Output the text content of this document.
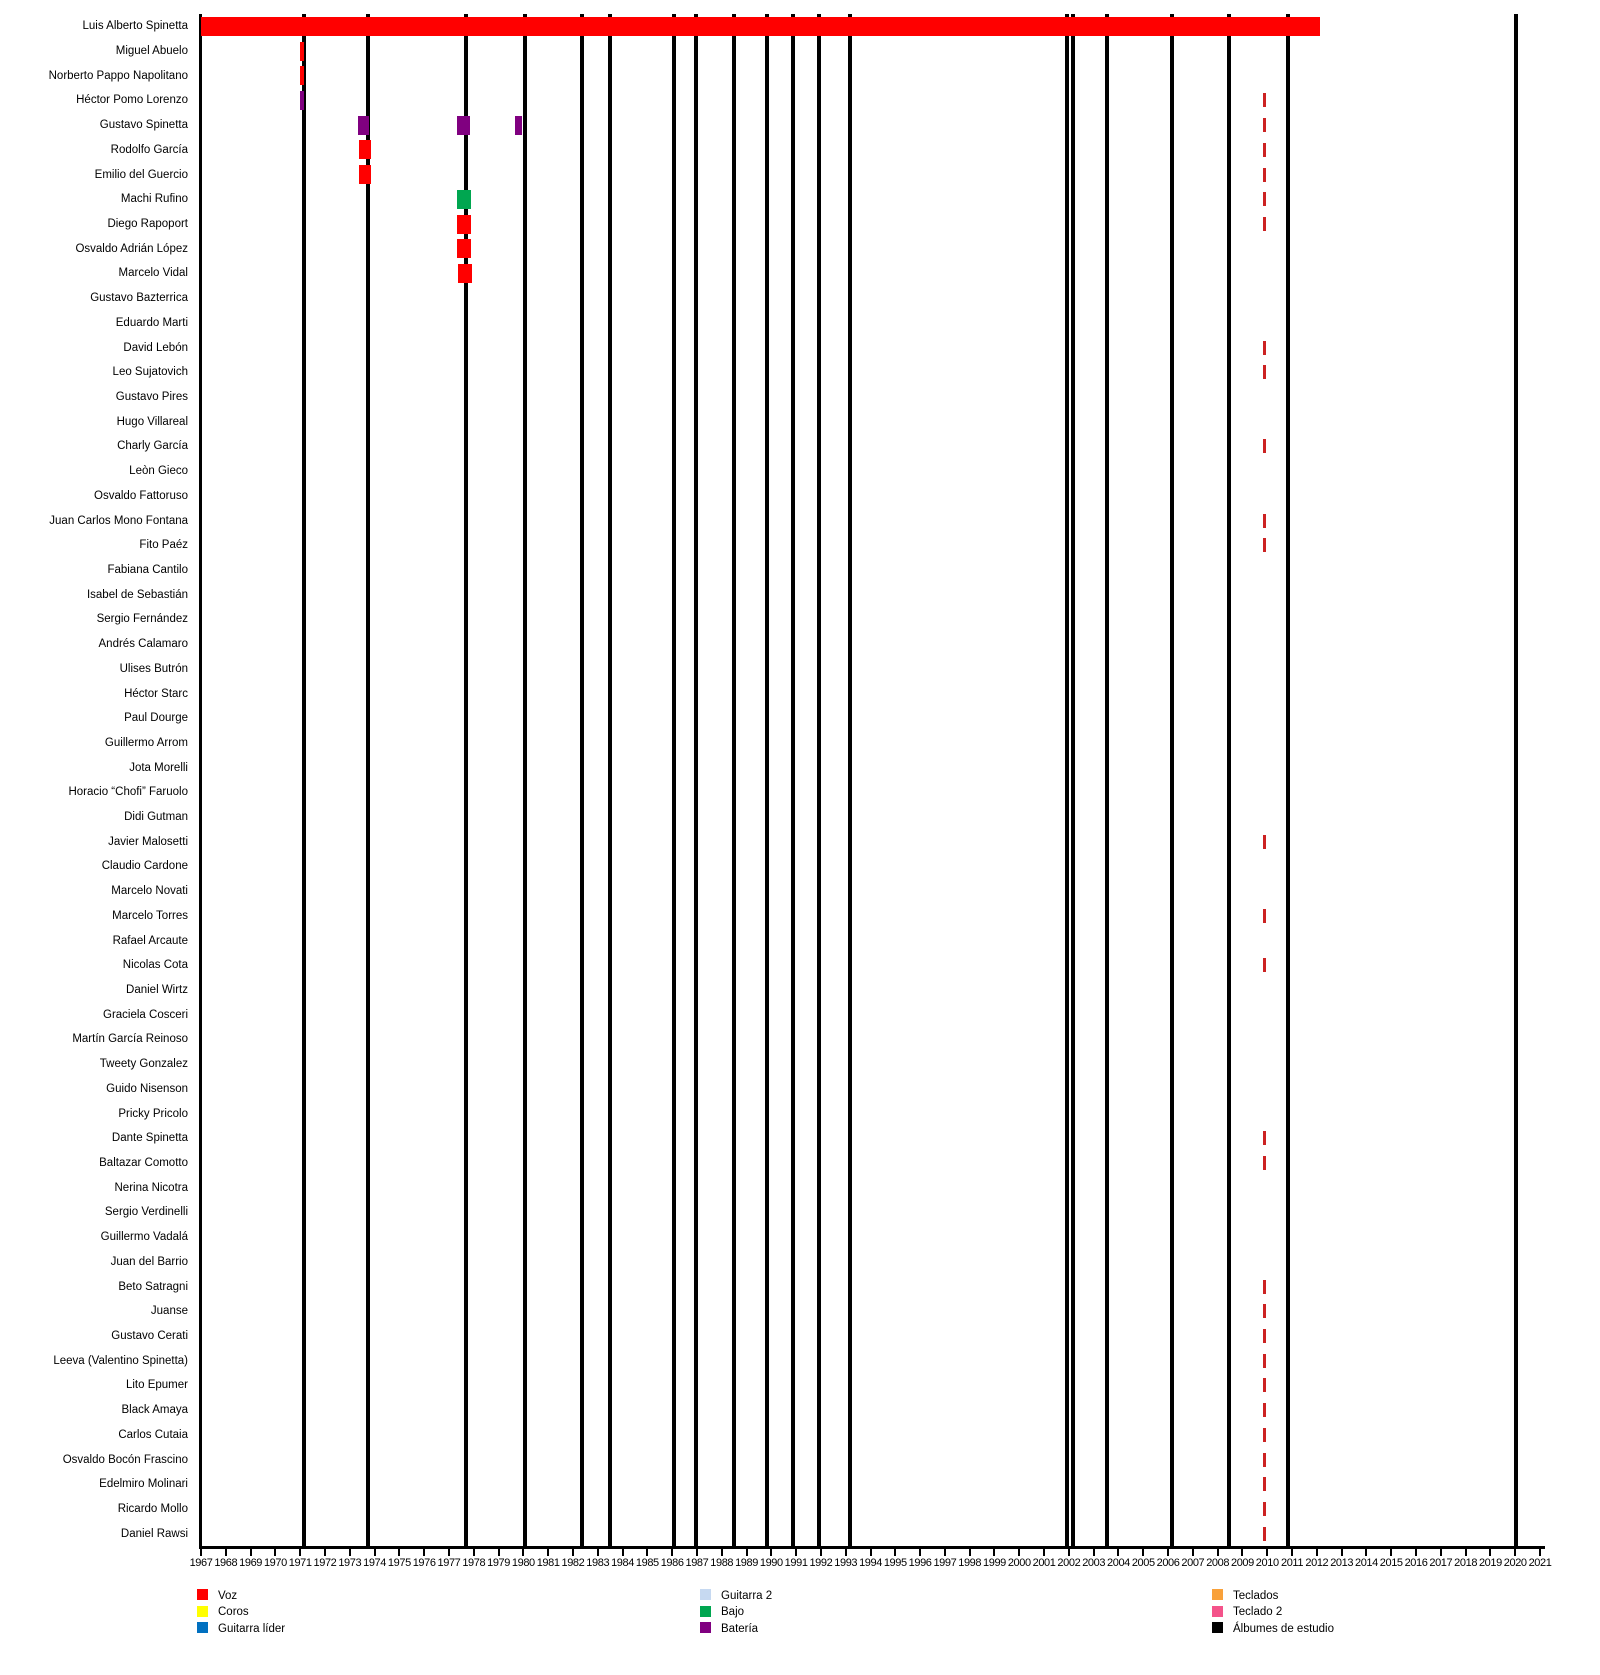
Luis Alberto Spinetta
Miguel Abuelo
Norberto Pappo Napolitano
Héctor Pomo Lorenzo
Gustavo Spinetta
Rodolfo García
Emilio del Guercio
Machi Rufino
Diego Rapoport
Osvaldo Adrián López
Marcelo Vidal
Gustavo Bazterrica
Eduardo Marti
David Lebón
Leo Sujatovich
Gustavo Pires
Hugo Villareal
Charly García
Leòn Gieco
Osvaldo Fattoruso
Juan Carlos Mono Fontana
Fito Paéz
Fabiana Cantilo
Isabel de Sebastián
Sergio Fernández
Andrés Calamaro
Ulises Butrón
Héctor Starc
Paul Dourge
Guillermo Arrom
Jota Morelli
Horacio “Chofi” Faruolo
Didi Gutman
Javier Malosetti
Claudio Cardone
Marcelo Novati
Marcelo Torres
Rafael Arcaute
Nicolas Cota
Daniel Wirtz
Graciela Cosceri
Martín García Reinoso
Tweety Gonzalez
Guido Nisenson
Pricky Pricolo
Dante Spinetta
Baltazar Comotto
Nerina Nicotra
Sergio Verdinelli
Guillermo Vadalá
Juan del Barrio
Beto Satragni
Juanse
Gustavo Cerati
Leeva (Valentino Spinetta)
Lito Epumer
Black Amaya
Carlos Cutaia
Osvaldo Bocón Frascino
Edelmiro Molinari
Ricardo Mollo
Daniel Rawsi
1967 1968 1969 1970 1971 1972 1973 1974 1975 1976 1977 1978 1979 1980 1981 1982 1983 1984 1985 1986 1987 1988 1989 1990 1991 1992 1993 1994 1995 1996 1997 1998 1999 2000 2001 2002 2003 2004 2005 2006 2007 2008 2009 2010 2011 2012 2013 2014 2015 2016 2017 2018 2019 2020 2021
Voz
Coros
Guitarra líder
Guitarra 2
Bajo
Batería
Teclados
Teclado 2
Álbumes de estudio
